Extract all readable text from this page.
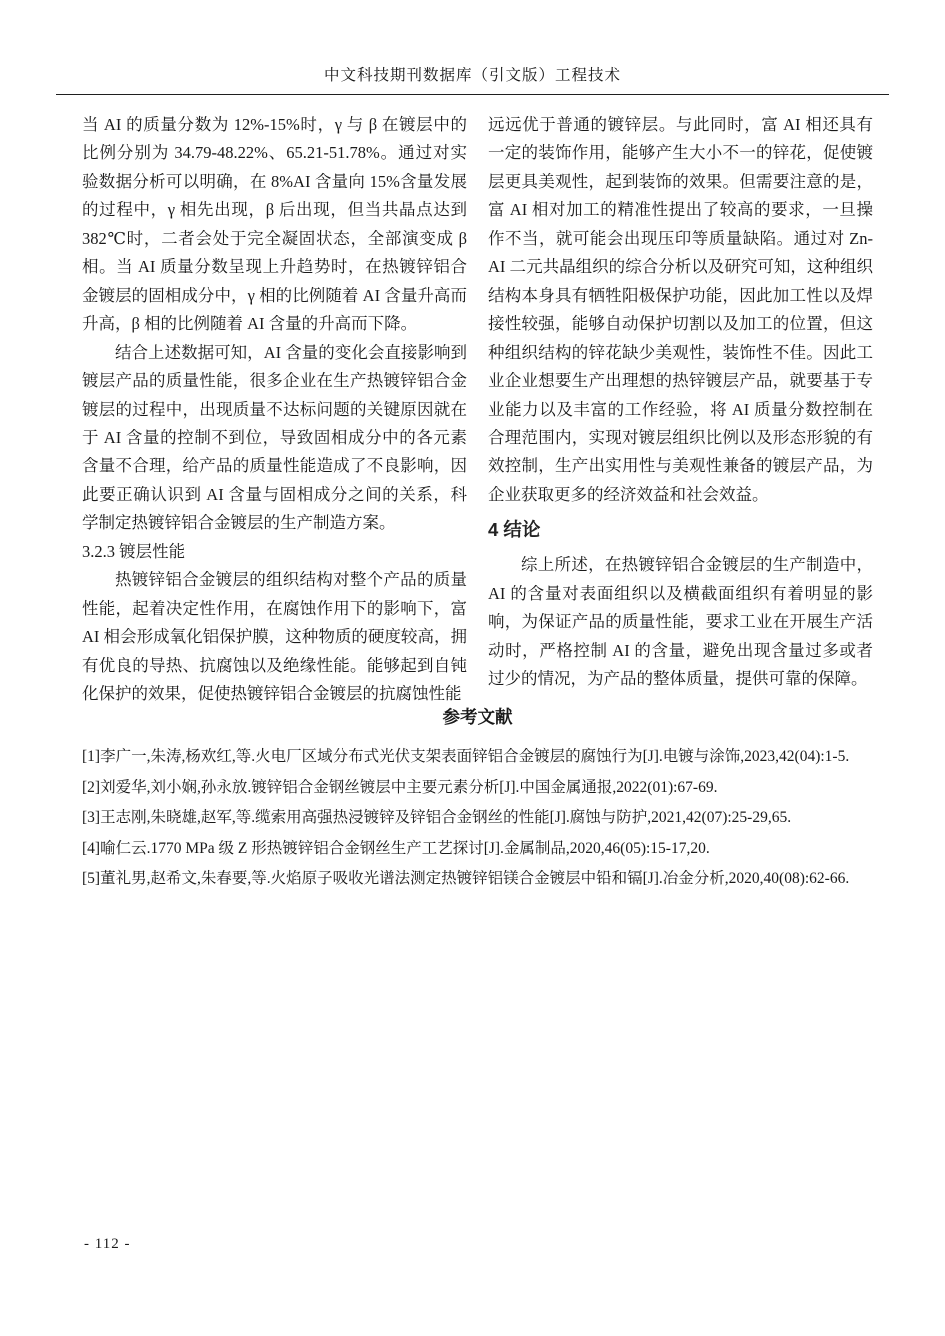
中文科技期刊数据库（引文版）工程技术

当 AI 的质量分数为 12%-15%时，γ 与 β 在镀层中的比例分别为 34.79-48.22%、65.21-51.78%。通过对实验数据分析可以明确，在 8%AI 含量向 15%含量发展的过程中，γ 相先出现，β 后出现，但当共晶点达到 382℃时，二者会处于完全凝固状态，全部演变成 β 相。当 AI 质量分数呈现上升趋势时，在热镀锌铝合金镀层的固相成分中，γ 相的比例随着 AI 含量升高而升高，β 相的比例随着 AI 含量的升高而下降。

结合上述数据可知，AI 含量的变化会直接影响到镀层产品的质量性能，很多企业在生产热镀锌铝合金镀层的过程中，出现质量不达标问题的关键原因就在于 AI 含量的控制不到位，导致固相成分中的各元素含量不合理，给产品的质量性能造成了不良影响，因此要正确认识到 AI 含量与固相成分之间的关系，科学制定热镀锌铝合金镀层的生产制造方案。

3.2.3 镀层性能

热镀锌铝合金镀层的组织结构对整个产品的质量性能，起着决定性作用，在腐蚀作用下的影响下，富 AI 相会形成氧化铝保护膜，这种物质的硬度较高，拥有优良的导热、抗腐蚀以及绝缘性能。能够起到自钝化保护的效果，促使热镀锌铝合金镀层的抗腐蚀性能

远远优于普通的镀锌层。与此同时，富 AI 相还具有一定的装饰作用，能够产生大小不一的锌花，促使镀层更具美观性，起到装饰的效果。但需要注意的是，富 AI 相对加工的精准性提出了较高的要求，一旦操作不当，就可能会出现压印等质量缺陷。通过对 Zn-AI 二元共晶组织的综合分析以及研究可知，这种组织结构本身具有牺牲阳极保护功能，因此加工性以及焊接性较强，能够自动保护切割以及加工的位置，但这种组织结构的锌花缺少美观性，装饰性不佳。因此工业企业想要生产出理想的热锌镀层产品，就要基于专业能力以及丰富的工作经验，将 AI 质量分数控制在合理范围内，实现对镀层组织比例以及形态形貌的有效控制，生产出实用性与美观性兼备的镀层产品，为企业获取更多的经济效益和社会效益。

4 结论

综上所述，在热镀锌铝合金镀层的生产制造中，AI 的含量对表面组织以及横截面组织有着明显的影响，为保证产品的质量性能，要求工业在开展生产活动时，严格控制 AI 的含量，避免出现含量过多或者过少的情况，为产品的整体质量，提供可靠的保障。

参考文献
[1]李广一,朱涛,杨欢红,等.火电厂区域分布式光伏支架表面锌铝合金镀层的腐蚀行为[J].电镀与涂饰,2023,42(04):1-5.
[2]刘爱华,刘小娴,孙永放.镀锌铝合金钢丝镀层中主要元素分析[J].中国金属通报,2022(01):67-69.
[3]王志刚,朱晓雄,赵军,等.缆索用高强热浸镀锌及锌铝合金钢丝的性能[J].腐蚀与防护,2021,42(07):25-29,65.
[4]喻仁云.1770 MPa 级 Z 形热镀锌铝合金钢丝生产工艺探讨[J].金属制品,2020,46(05):15-17,20.
[5]董礼男,赵希文,朱春要,等.火焰原子吸收光谱法测定热镀锌铝镁合金镀层中铅和镉[J].冶金分析,2020,40(08):62-66.
- 112 -
